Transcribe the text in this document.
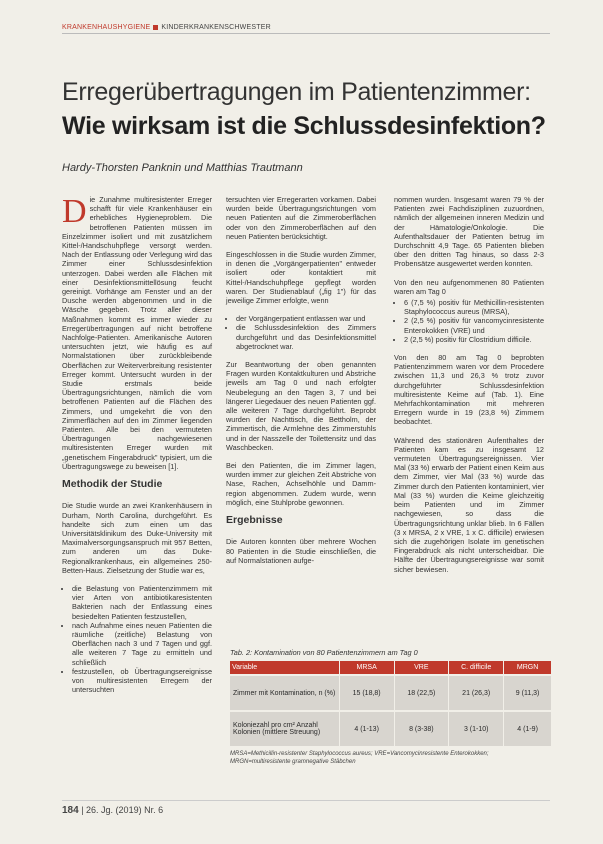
KRANKENHAUSHYGIENE KINDERKRANKENSCHWESTER
Erregerübertragungen im Patientenzimmer:
Wie wirksam ist die Schlussdesinfektion?
Hardy-Thorsten Panknin und Matthias Trautmann

Die Zunahme multiresistenter Erreger schafft für viele Krankenhäuser ein erhebliches Hygieneproblem. Die betroffenen Patienten müssen im Einzelzimmer isoliert und mit zusätzlichem Kittel-/Handschuhpflege versorgt werden. Nach der Entlassung oder Verlegung wird das Zimmer einer Schlussdesinfektion unterzogen. Dabei werden alle Flächen mit einer Desinfektionsmittellösung feucht gereinigt. Vorhänge am Fenster und an der Dusche werden abgenommen und in die Wäsche gegeben. Trotz aller dieser Maßnahmen kommt es immer wieder zu Erregerübertragungen auf nicht betroffene Nachfolge-Patienten. Amerikanische Autoren untersuchten jetzt, wie häufig es auf Normalstationen über zurückbleibende Oberflächen zur Weiterverbreitung resistenter Erreger kommt. Untersucht wurden in der Studie erstmals beide Übertragungsrichtungen, nämlich die vom betroffenen Patienten auf die Flächen des Zimmers, und umgekehrt die von den Zimmerflächen auf den im Zimmer liegenden Patienten. Alle bei den vermuteten Übertragungen nachgewiesenen multiresistenten Erreger wurden mit „genetischem Fingerabdruck" typisiert, um die Übertragungswege zu beweisen [1].

Methodik der Studie

Die Studie wurde an zwei Krankenhäusern in Durham, North Carolina, durchgeführt. Es handelte sich zum einen um das Universitätsklinikum des Duke-University mit Maximalversorgungsanspruch mit 957 Betten, zum anderen um das Duke-Regionalkrankenhaus, ein allgemeines 250-Betten-Haus. Zielsetzung der Studie war es,

• die Belastung von Patientenzimmern mit vier Arten von antibiotikaresistenten Bakterien nach der Entlassung eines besiedelten Patienten festzustellen,
• nach Aufnahme eines neuen Patienten die räumliche (zeitliche) Belastung von Oberflächen nach 3 und 7 Tagen und ggf. alle weiteren 7 Tage zu ermitteln und schließlich
• festzustellen, ob Übertragungsereignisse von multiresistenten Erregern der untersuchten

tersuchten vier Erregerarten vorkamen. Dabei wurden beide Übertragungsrichtungen vom neuen Patienten auf die Zimmeroberflächen oder von den Zimmeroberflächen auf den neuen Patienten berücksichtigt.

Eingeschlossen in die Studie wurden Zimmer, in denen die „Vorgängerpatienten" entweder isoliert oder kontaktiert mit Kittel-/Handschuhpflege gepflegt worden waren. Der Studienablauf („fig 1") für das jeweilige Zimmer erfolgte, wenn

• der Vorgängerpatient entlassen war und
• die Schlussdesinfektion des Zimmers durchgeführt und das Desinfektionsmittel abgetrocknet war.

Zur Beantwortung der oben genannten Fragen wurden Kontaktkulturen und Abstriche jeweils am Tag 0 und nach erfolgter Neubelegung an den Tagen 3, 7 und bei längerer Liegedauer des neuen Patienten ggf. alle weiteren 7 Tage durchgeführt. Beprobt wurden der Nachttisch, die Bettholm, der Zimmertisch, die Armlehne des Zimmerstuhls und in der Nasszelle der Toilettensitz und das Waschbecken.

Bei den Patienten, die im Zimmer lagen, wurden immer zur gleichen Zeit Abstriche von Nase, Rachen, Achselhöhle und Damm-region abgenommen. Zudem wurde, wenn möglich, eine Stuhlprobe gewonnen.

Ergebnisse

Die Autoren konnten über mehrere Wochen 80 Patienten in die Studie einschließen, die auf Normalstationen aufge-

nommen wurden. Insgesamt waren 79 % der Patienten zwei Fachdisziplinen zuzuordnen, nämlich der allgemeinen inneren Medizin und der Hämatologie/Onkologie. Die Aufenthaltsdauer der Patienten betrug im Durchschnitt 4,9 Tage. 65 Patienten blieben über den dritten Tag hinaus, so dass 2-3 Probensätze ausgewertet werden konnten.

Von den neu aufgenommenen 80 Patienten waren am Tag 0

• 6 (7,5 %) positiv für Methicillin-resistenten Staphylococcus aureus (MRSA),
• 2 (2,5 %) positiv für vancomycinresistente Enterokokken (VRE) und
• 2 (2,5 %) positiv für Clostridium difficile.

Von den 80 am Tag 0 beprobten Patientenzimmern waren vor dem Procedere zwischen 11,3 und 26,3 % trotz zuvor durchgeführter Schlussdesinfektion multiresistente Keime auf (Tab. 1). Eine Mehrfachkontamination mit mehreren Erregern wurde in 19 (23,8 %) Zimmern beobachtet.

Während des stationären Aufenthaltes der Patienten kam es zu insgesamt 12 vermuteten Übertragungsereignissen. Vier Mal (33 %) erwarb der Patient einen Keim aus dem Zimmer, vier Mal (33 %) wurde das Zimmer durch den Patienten kontaminiert, vier Mal (33 %) wurden die Keime gleichzeitig beim Patienten und im Zimmer nachgewiesen, so dass die Übertragungsrichtung unklar blieb. In 6 Fällen (3 x MRSA, 2 x VRE, 1 x C. difficile) erwiesen sich die zugehörigen Isolate im genetischen Fingerabdruck als nicht unterscheidbar. Die Hälfte der Übertragungsereignisse war somit sicher bewiesen.

Tab. 2: Kontamination von 80 Patientenzimmern am Tag 0
Variable	MRSA	VRE	C. difficile	MRGN
Zimmer mit Kontamination, n (%)	15 (18,8)	18 (22,5)	21 (26,3)	9 (11,3)
Koloniezahl pro cm² Anzahl Kolonien (mittlere Streuung)	4 (1-13)	8 (3-38)	3 (1-10)	4 (1-9)
MRSA=Methicillin-resistenter Staphylococcus aureus; VRE=Vancomycinresistente Enterokokken;
MRGN=multiresistente gramnegative Stäbchen
184 | 26. Jg. (2019) Nr. 6
